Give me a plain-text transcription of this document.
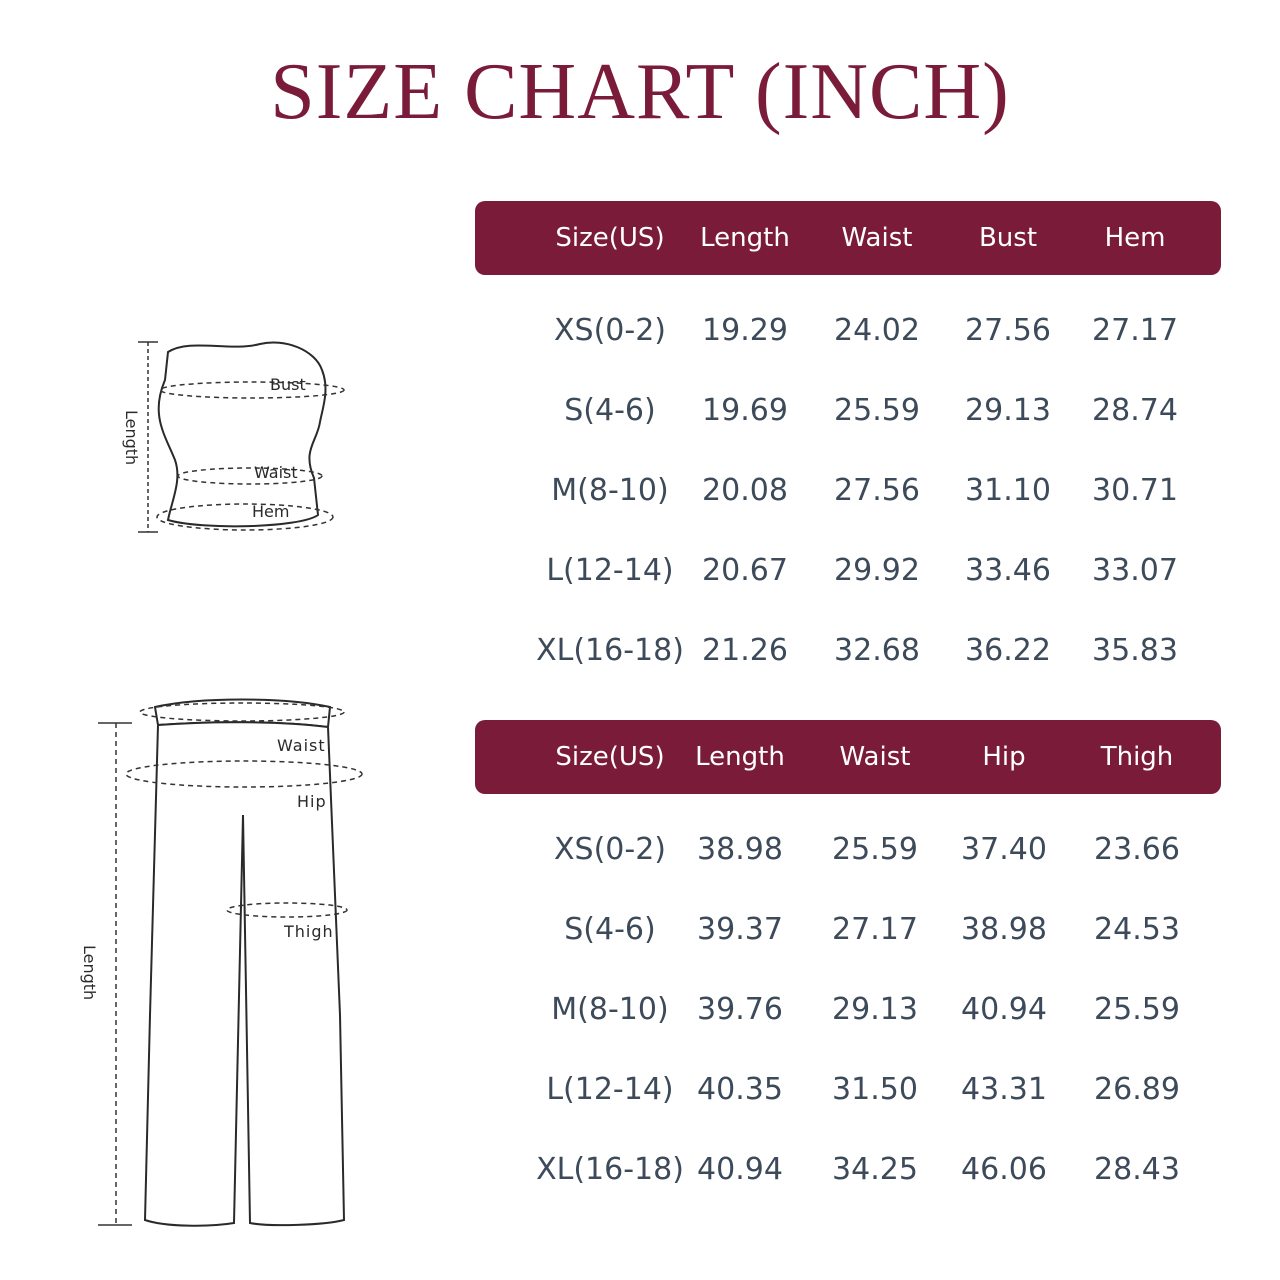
SIZE CHART (INCH)
Bust
Waist
Hem
Length
Waist
Hip
Thigh
Length
Size(US)	Length	Waist	Bust	Hem
XS(0-2)	19.29	24.02	27.56	27.17
S(4-6)	19.69	25.59	29.13	28.74
M(8-10)	20.08	27.56	31.10	30.71
L(12-14) 20.67	29.92	33.46	33.07
XL(16-18) 21.26	32.68	36.22	35.83
Size(US)	Length	Waist	Hip	Thigh
XS(0-2)	38.98	25.59	37.40	23.66
S(4-6)	39.37	27.17	38.98	24.53
M(8-10) 39.76	29.13	40.94	25.59
L(12-14) 40.35	31.50	43.31	26.89
XL(16-18) 40.94	34.25	46.06	28.43
